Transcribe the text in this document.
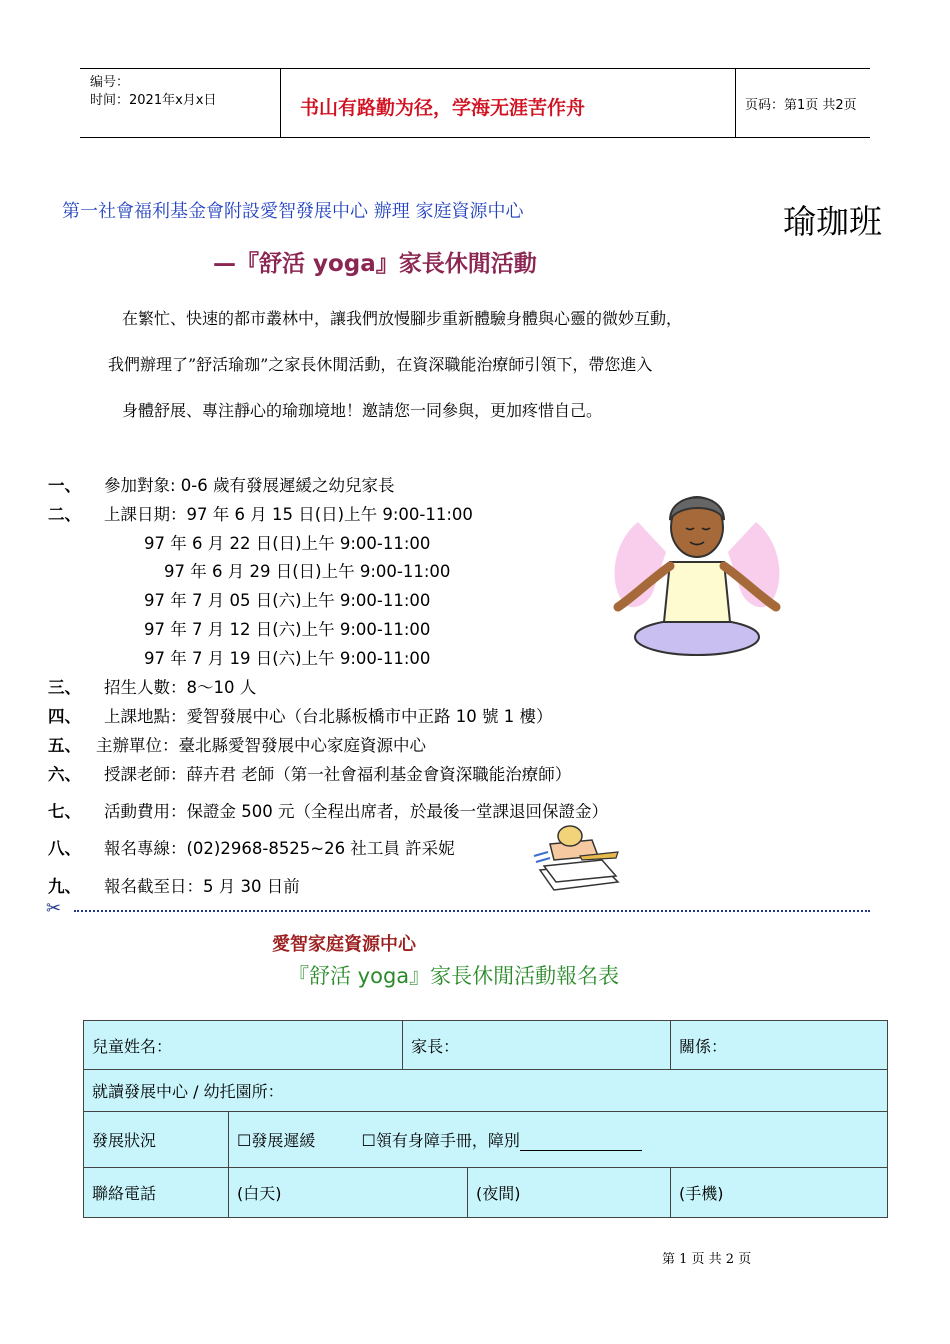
编号：
时间：2021年x月x日	书山有路勤为径，学海无涯苦作舟	页码：第1页 共2页
第一社會福利基金會附設愛智發展中心 辦理 家庭資源中心	瑜珈班
—『舒活 yoga』家長休閒活動
在繁忙、快速的都市叢林中，讓我們放慢腳步重新體驗身體與心靈的微妙互動，
我們辦理了”舒活瑜珈”之家長休閒活動，在資深職能治療師引領下，帶您進入
身體舒展、專注靜心的瑜珈境地！邀請您一同參與，更加疼惜自己。
一、 參加對象: 0-6 歲有發展遲緩之幼兒家長
二、 上課日期：97 年 6 月 15 日(日)上午 9:00-11:00
97 年 6 月 22 日(日)上午 9:00-11:00
97 年 6 月 29 日(日)上午 9:00-11:00
97 年 7 月 05 日(六)上午 9:00-11:00
97 年 7 月 12 日(六)上午 9:00-11:00
97 年 7 月 19 日(六)上午 9:00-11:00
三、 招生人數：8～10 人
四、 上課地點：愛智發展中心（台北縣板橋市中正路 10 號 1 樓）
五、 主辦單位：臺北縣愛智發展中心家庭資源中心
六、 授課老師：薛卉君 老師（第一社會福利基金會資深職能治療師）
七、 活動費用：保證金 500 元（全程出席者，於最後一堂課退回保證金）
八、 報名專線：(02)2968-8525~26 社工員 許采妮
九、 報名截至日：5 月 30 日前
✂
愛智家庭資源中心
『舒活 yoga』家長休閒活動報名表
兒童姓名：		家長：		關係：
就讀發展中心 / 幼托園所：				
發展狀況	☐發展遲緩 ☐領有身障手冊，障別			
聯絡電話	(白天)		(夜間)	(手機)
第 1 页 共 2 页
